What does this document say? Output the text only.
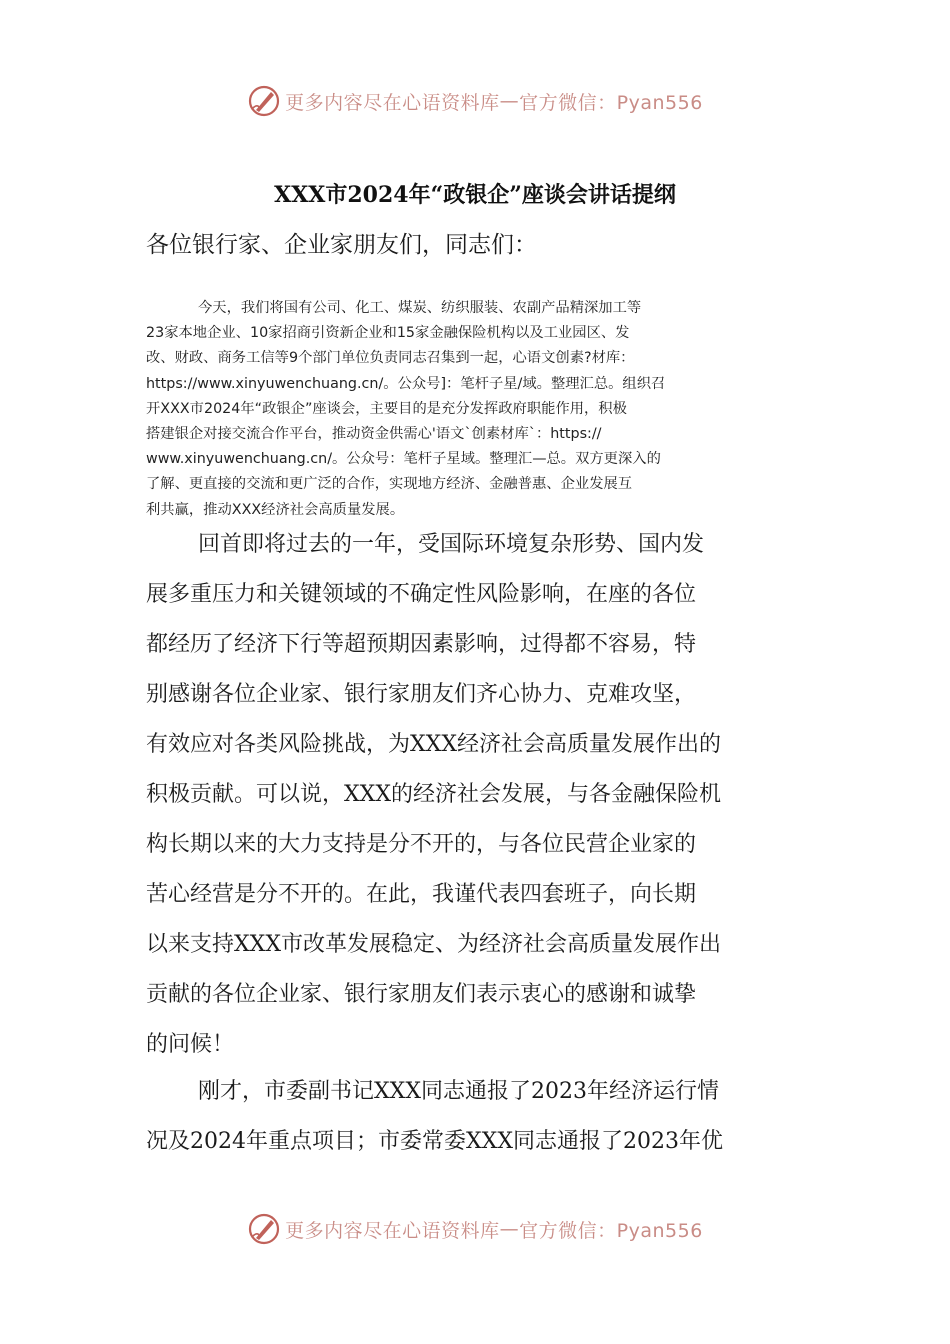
更多内容尽在心语资料库 — 官方微信：Pyan556
XXX市2024年“政银企”座谈会讲话提纲
各位银行家、企业家朋友们，同志们：
今天，我们将国有公司、化工、煤炭、纺织服装、农副产品精深加工等
23家本地企业、10家招商引资新企业和15家金融保险机构以及工业园区、发
改、财政、商务工信等9个部门单位负责同志召集到一起，心语文创素?材库：
https://www.xinyuwenchuang.cn/。公众号]：笔杆子星/域。整理汇总。组织召
开XXX市2024年“政银企”座谈会，主要目的是充分发挥政府职能作用，积极
搭建银企对接交流合作平台，推动资金供需心'语文`创素材库`：https://
www.xinyuwenchuang.cn/。公众号：笔杆子星域。整理汇—总。双方更深入的
了解、更直接的交流和更广泛的合作，实现地方经济、金融普惠、企业发展互
利共赢，推动XXX经济社会高质量发展。
回首即将过去的一年，受国际环境复杂形势、国内发
展多重压力和关键领域的不确定性风险影响，在座的各位
都经历了经济下行等超预期因素影响，过得都不容易，特
别感谢各位企业家、银行家朋友们齐心协力、克难攻坚，
有效应对各类风险挑战，为XXX经济社会高质量发展作出的
积极贡献。可以说，XXX的经济社会发展，与各金融保险机
构长期以来的大力支持是分不开的，与各位民营企业家的
苦心经营是分不开的。在此，我谨代表四套班子，向长期
以来支持XXX市改革发展稳定、为经济社会高质量发展作出
贡献的各位企业家、银行家朋友们表示衷心的感谢和诚挚
的问候！
刚才，市委副书记XXX同志通报了2023年经济运行情
况及2024年重点项目；市委常委XXX同志通报了2023年优
更多内容尽在心语资料库 — 官方微信：Pyan556
